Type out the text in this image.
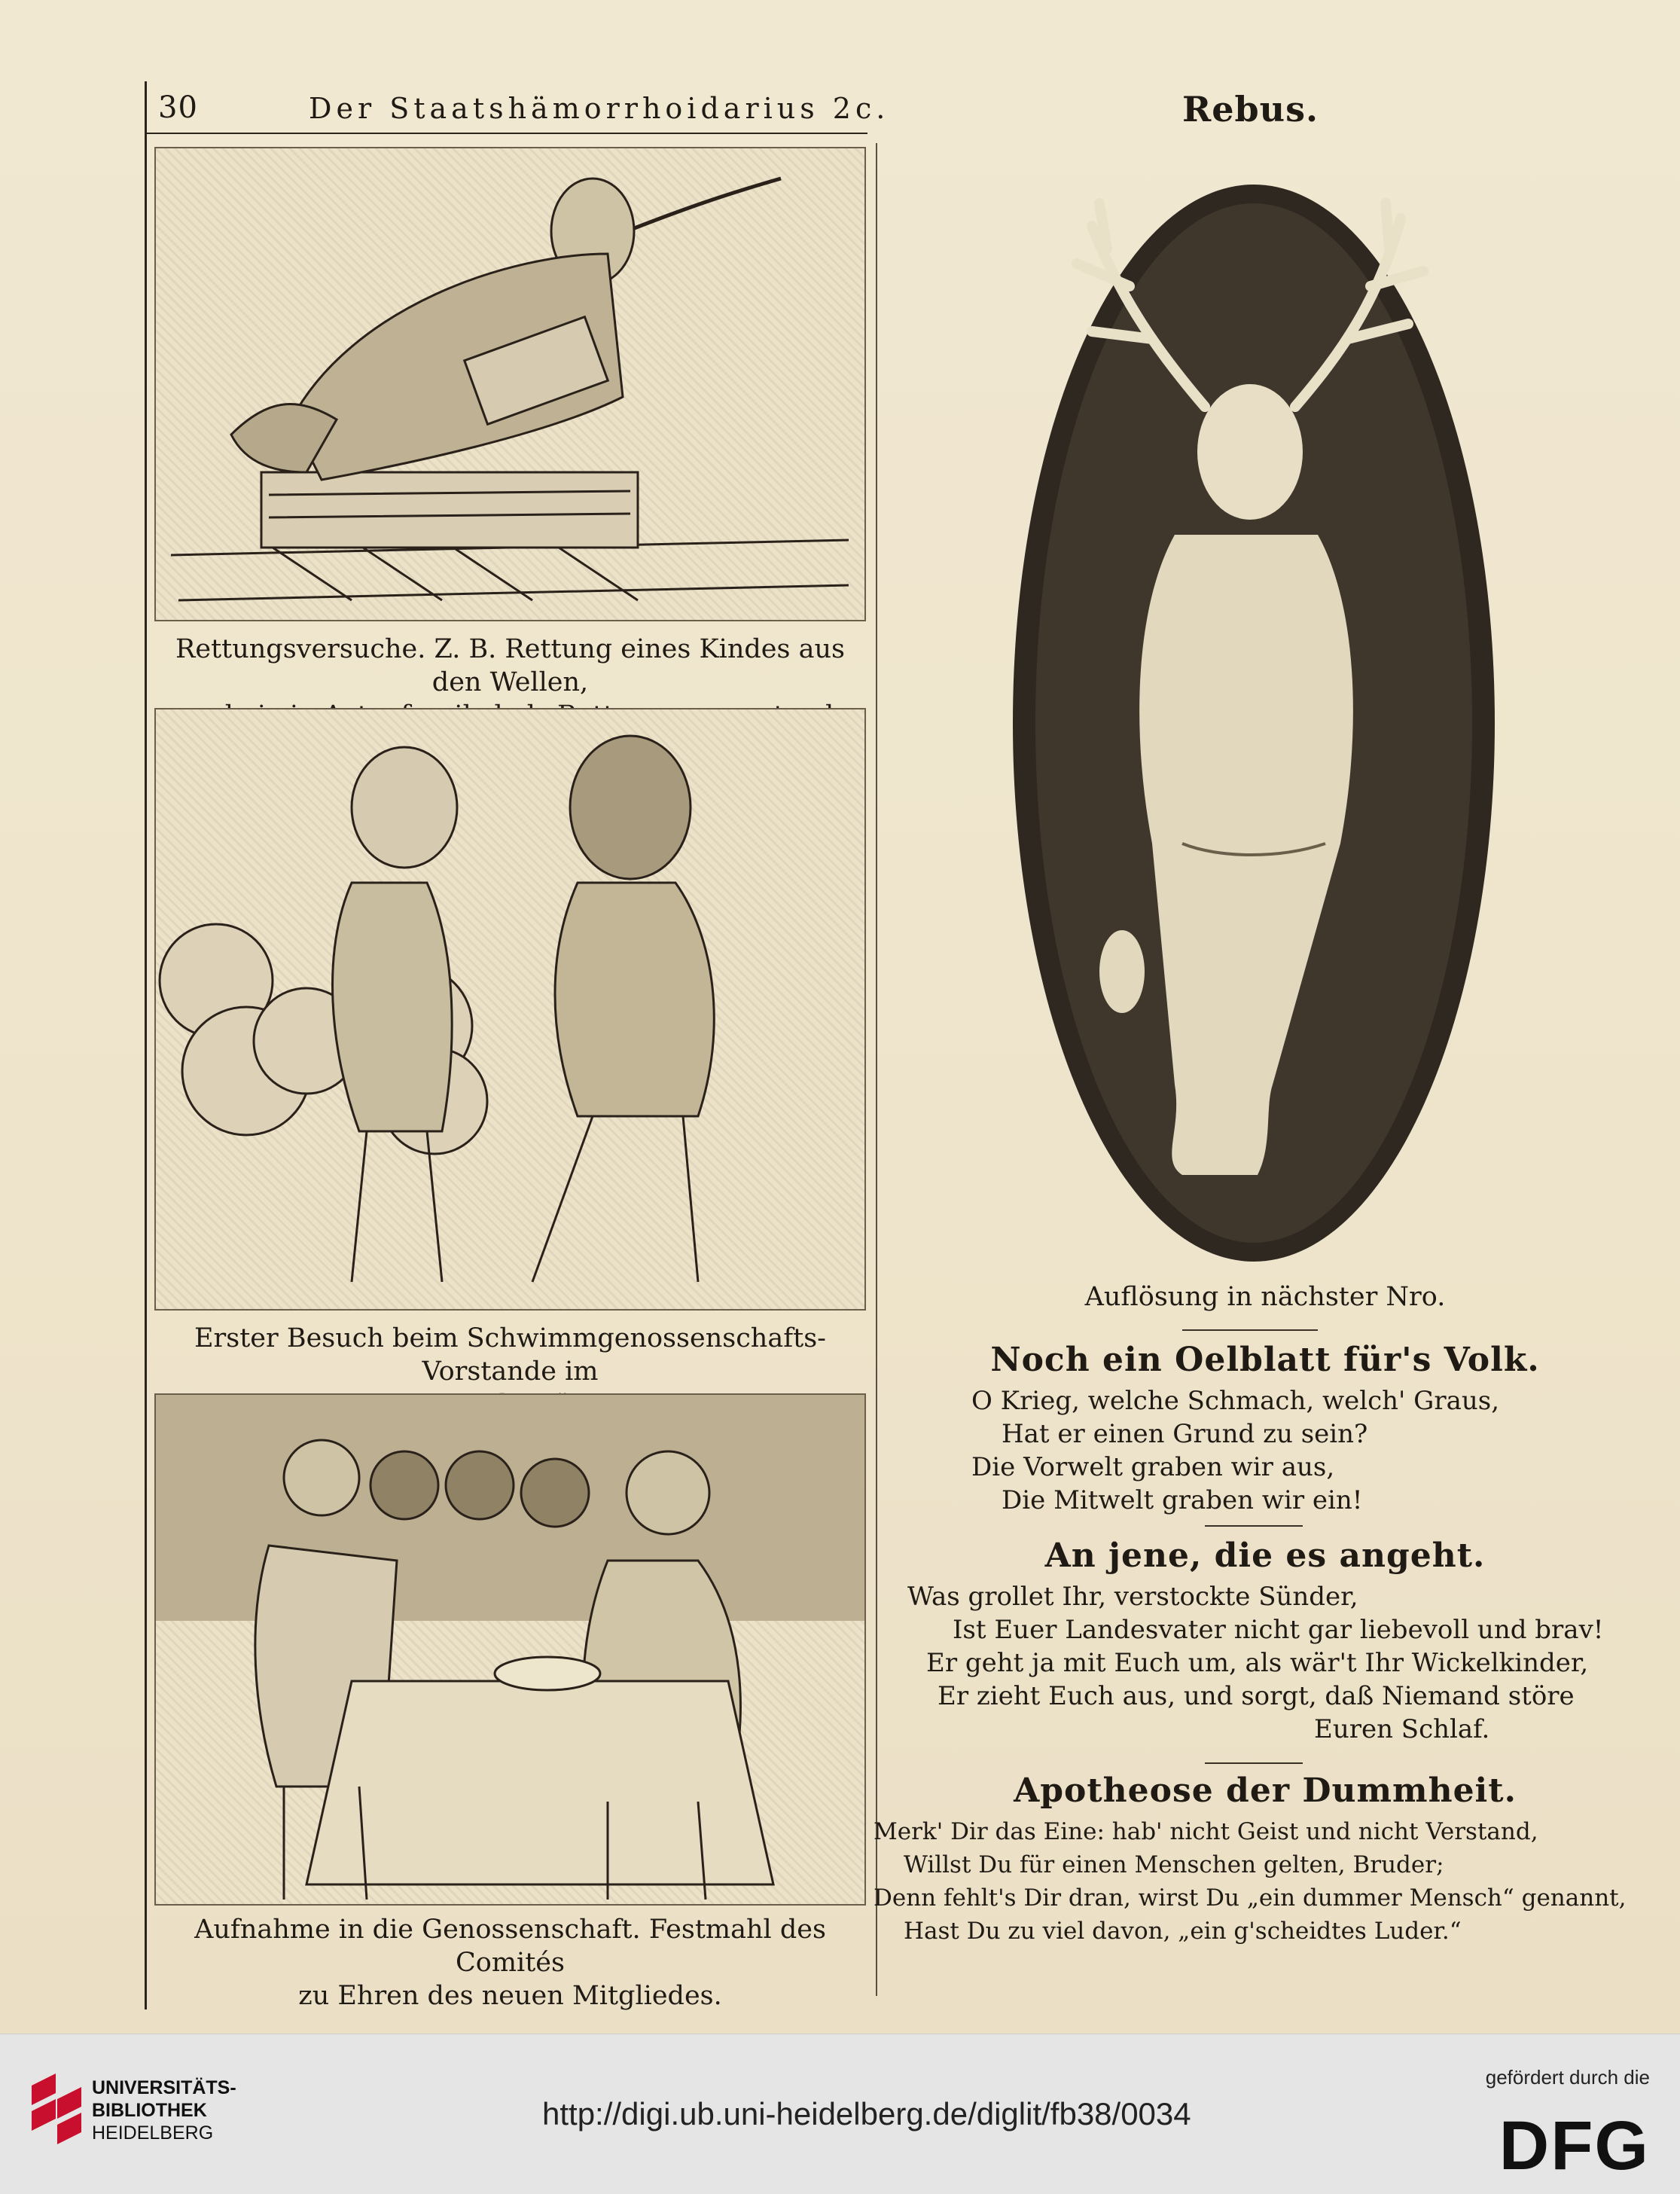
30	Der Staatshämorrhoidarius 2c.	Rebus.
Rettungsversuche. Z. B. Rettung eines Kindes aus den Wellen,
Erster Besuch beim Schwimmgenossenschafts-Vorstande im
Aufnahme in die Genossenschaft. Festmahl des Comités
zu Ehren des neuen Mitgliedes.
Auflösung in nächster Nro.
Noch ein Oelblatt für's Volk.
O Krieg, welche Schmach, welch' Graus,
Hat er einen Grund zu sein?
Die Vorwelt graben wir aus,
Die Mitwelt graben wir ein!
An jene, die es angeht.
Was grollet Ihr, verstockte Sünder,
Ist Euer Landesvater nicht gar liebevoll und brav!
Er geht ja mit Euch um, als wär't Ihr Wickelkinder,
Er zieht Euch aus, und sorgt, daß Niemand störe
Euren Schlaf.
Apotheose der Dummheit.
Merk' Dir das Eine: hab' nicht Geist und nicht Verstand,
Willst Du für einen Menschen gelten, Bruder;
Denn fehlt's Dir dran, wirst Du „ein dummer Mensch“ genannt,
Hast Du zu viel davon, „ein g'scheidtes Luder.“
UNIVERSITÄTS-
BIBLIOTHEK
HEIDELBERG
http://digi.ub.uni-heidelberg.de/diglit/fb38/0034
gefördert durch die
DFG
